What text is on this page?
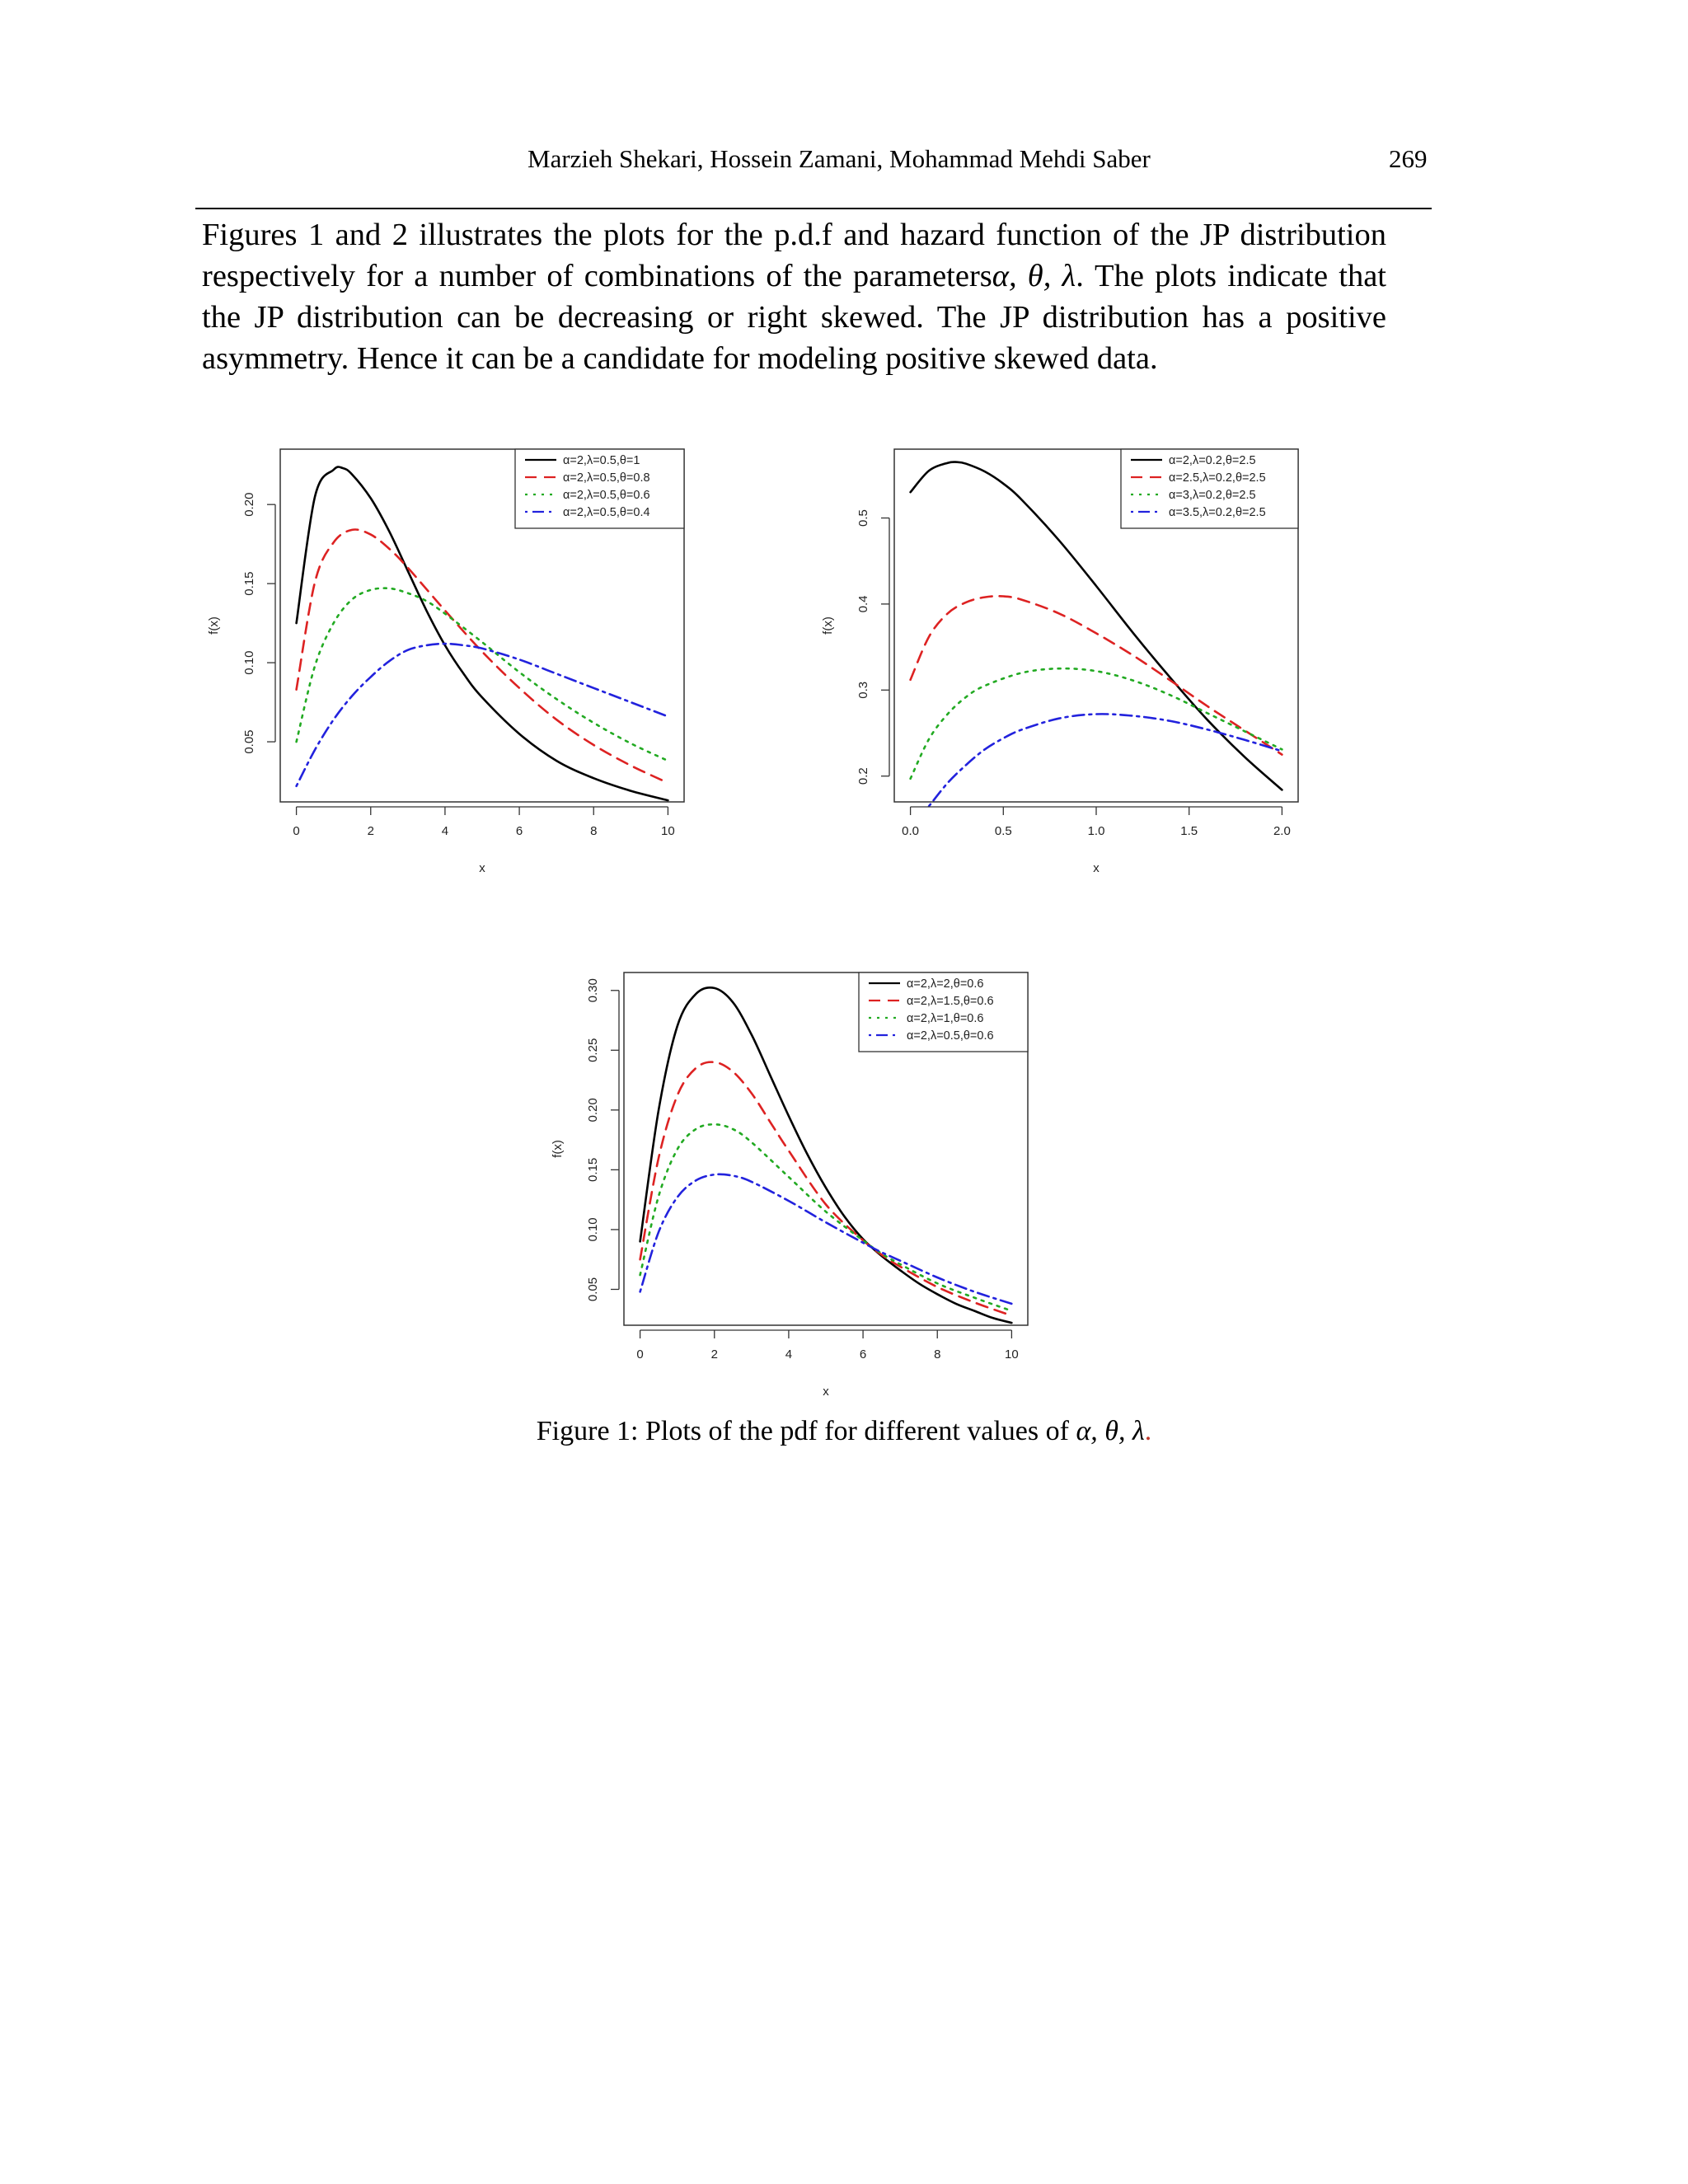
Marzieh Shekari, Hossein Zamani, Mohammad Mehdi Saber	269

Figures 1 and 2 illustrates the plots for the p.d.f and hazard function of the JP distribution respectively for a number of combinations of the parametersα, θ, λ. The plots indicate that the JP distribution can be decreasing or right skewed. The JP distribution has a positive asymmetry. Hence it can be a candidate for modeling positive skewed data.

0	2	4	6	8	10
x
0.05
0.10
0.15
0.20
f(x)
α=2,λ=0.5,θ=1
α=2,λ=0.5,θ=0.8
α=2,λ=0.5,θ=0.6
α=2,λ=0.5,θ=0.4
0.0	0.5	1.0	1.5	2.0
x
0.2
0.3
0.4
0.5
f(x)
α=2,λ=0.2,θ=2.5
α=2.5,λ=0.2,θ=2.5
α=3,λ=0.2,θ=2.5
α=3.5,λ=0.2,θ=2.5
0	2	4	6	8	10
x
0.05
0.10
0.15
0.20
0.25
0.30
f(x)
α=2,λ=2,θ=0.6
α=2,λ=1.5,θ=0.6
α=2,λ=1,θ=0.6
α=2,λ=0.5,θ=0.6
Figure 1: Plots of the pdf for different values of α, θ, λ.
